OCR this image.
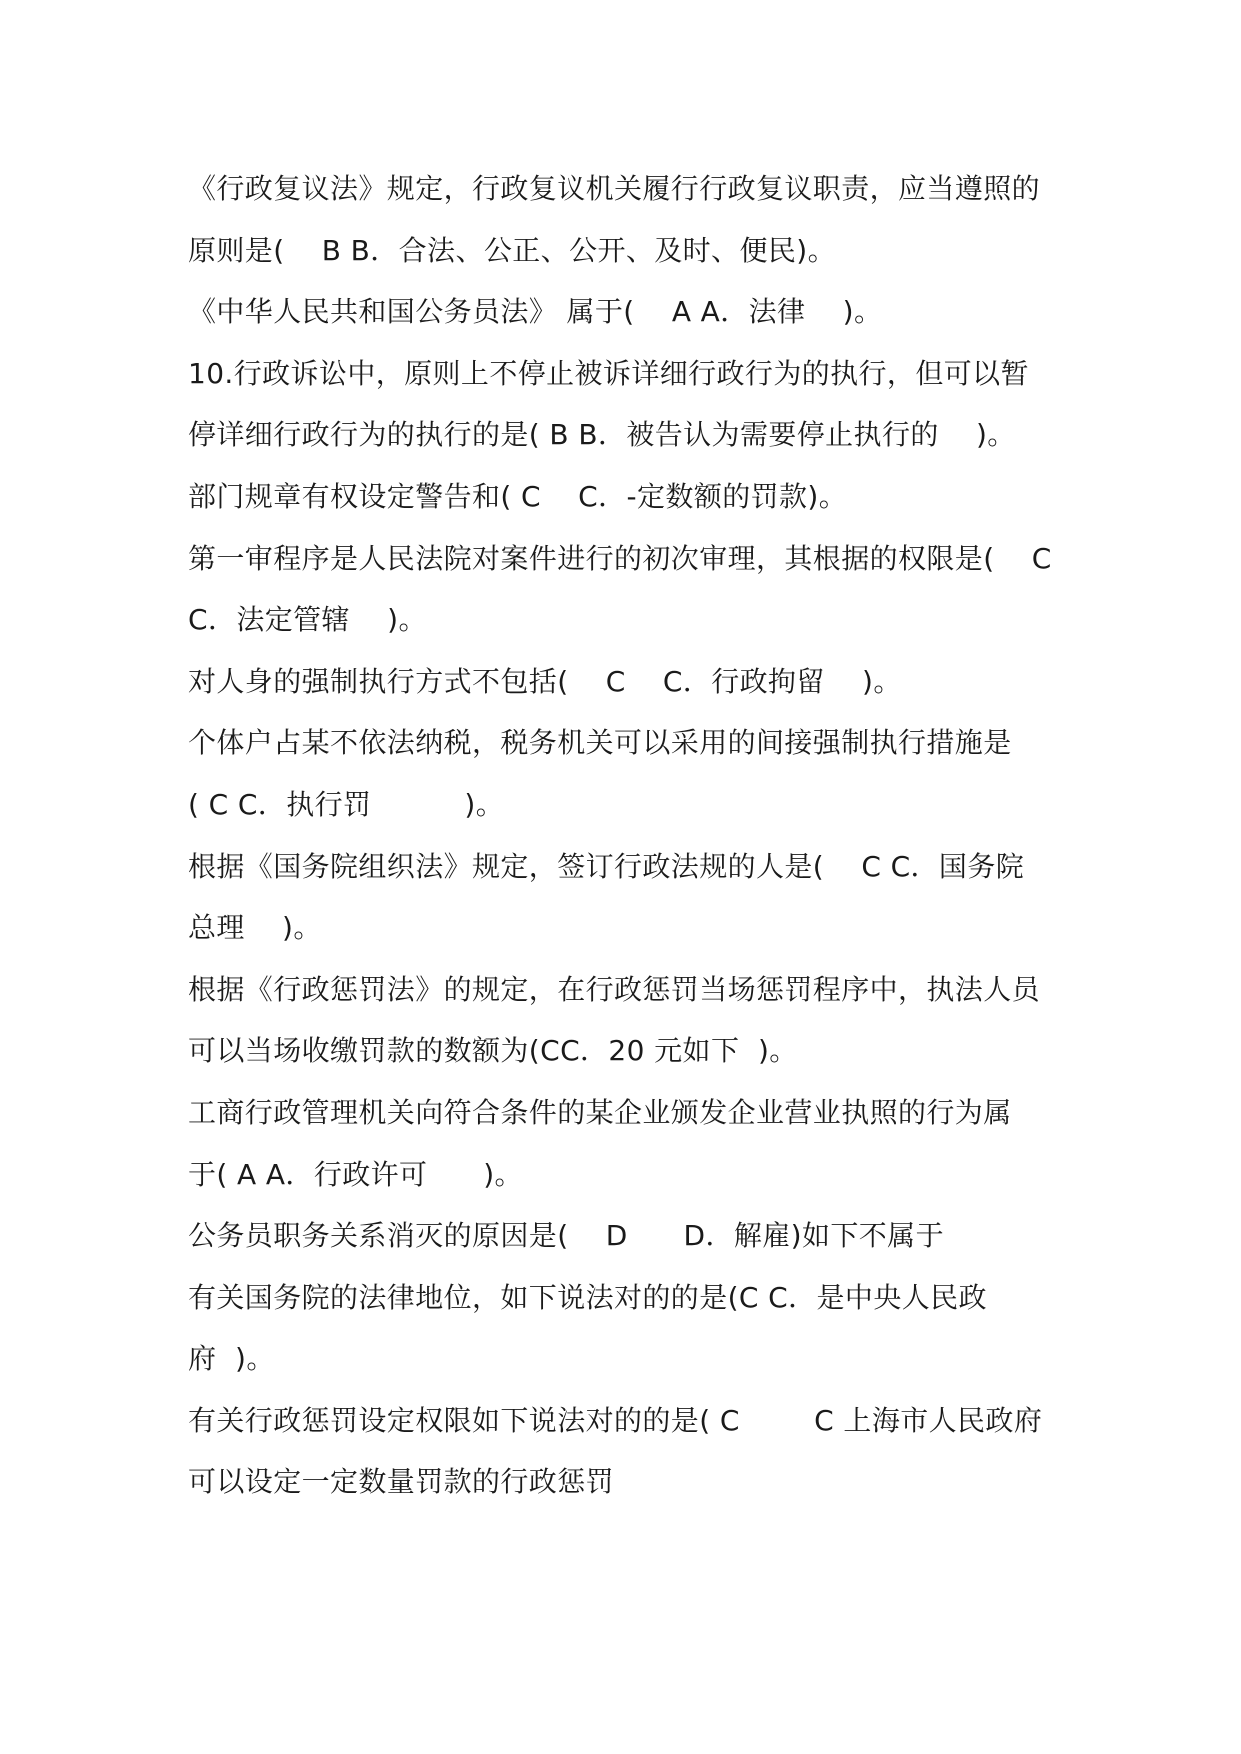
《行政复议法》规定，行政复议机关履行行政复议职责，应当遵照的
原则是(    B B．合法、公正、公开、及时、便民)。
《中华人民共和国公务员法》 属于(    A A．法律    )。
10.行政诉讼中，原则上不停止被诉详细行政行为的执行，但可以暂
停详细行政行为的执行的是( B B．被告认为需要停止执行的    )。
部门规章有权设定警告和( C    C．-定数额的罚款)。
第一审程序是人民法院对案件进行的初次审理，其根据的权限是(    C
C．法定管辖    )。
对人身的强制执行方式不包括(    C    C．行政拘留    )。
个体户占某不依法纳税，税务机关可以采用的间接强制执行措施是
( C C．执行罚          )。
根据《国务院组织法》规定，签订行政法规的人是(    C C．国务院
总理    )。
根据《行政惩罚法》的规定，在行政惩罚当场惩罚程序中，执法人员
可以当场收缴罚款的数额为(CC．20 元如下  )。
工商行政管理机关向符合条件的某企业颁发企业营业执照的行为属
于( A A．行政许可      )。
公务员职务关系消灭的原因是(    D      D．解雇)如下不属于
有关国务院的法律地位，如下说法对的的是(C C．是中央人民政
府  )。
有关行政惩罚设定权限如下说法对的的是( C        C 上海市人民政府
可以设定一定数量罚款的行政惩罚
